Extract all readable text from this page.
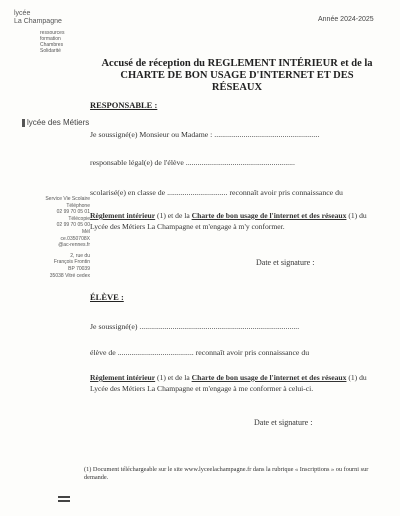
lycée
La Champagne
ressources
formation
Chambres
Solidarité
Année 2024-2025
lycée des Métiers
Service Vie Scolaire
Téléphone
02 99 70 05 01
Télécopie
02 99 70 05 00
Mél
ce.0350708X
@ac-rennes.fr
2, rue du
François Frontin
BP 70039
35038 Vitré cedex
Accusé de réception du REGLEMENT INTÉRIEUR et de la
CHARTE DE BON USAGE D'INTERNET ET DES RÉSEAUX
RESPONSABLE :
Je soussigné(e) Monsieur ou Madame : ......................................................
responsable légal(e) de l'élève ........................................................
scolarisé(e) en classe de ............................... reconnaît avoir pris connaissance du
Règlement intérieur (1) et de la Charte de bon usage de l'internet et des réseaux (1) du Lycée des Métiers La Champagne et m'engage à m'y conformer.
Date et signature :
ÉLÈVE :
Je soussigné(e) ..................................................................................
élève de ....................................... reconnaît avoir pris connaissance du
Règlement intérieur (1) et de la Charte de bon usage de l'internet et des réseaux (1) du Lycée des Métiers La Champagne et m'engage à me conformer à celui-ci.
Date et signature :
(1) Document téléchargeable sur le site www.lyceelachampagne.fr dans la rubrique « Inscriptions » ou fourni sur demande.
